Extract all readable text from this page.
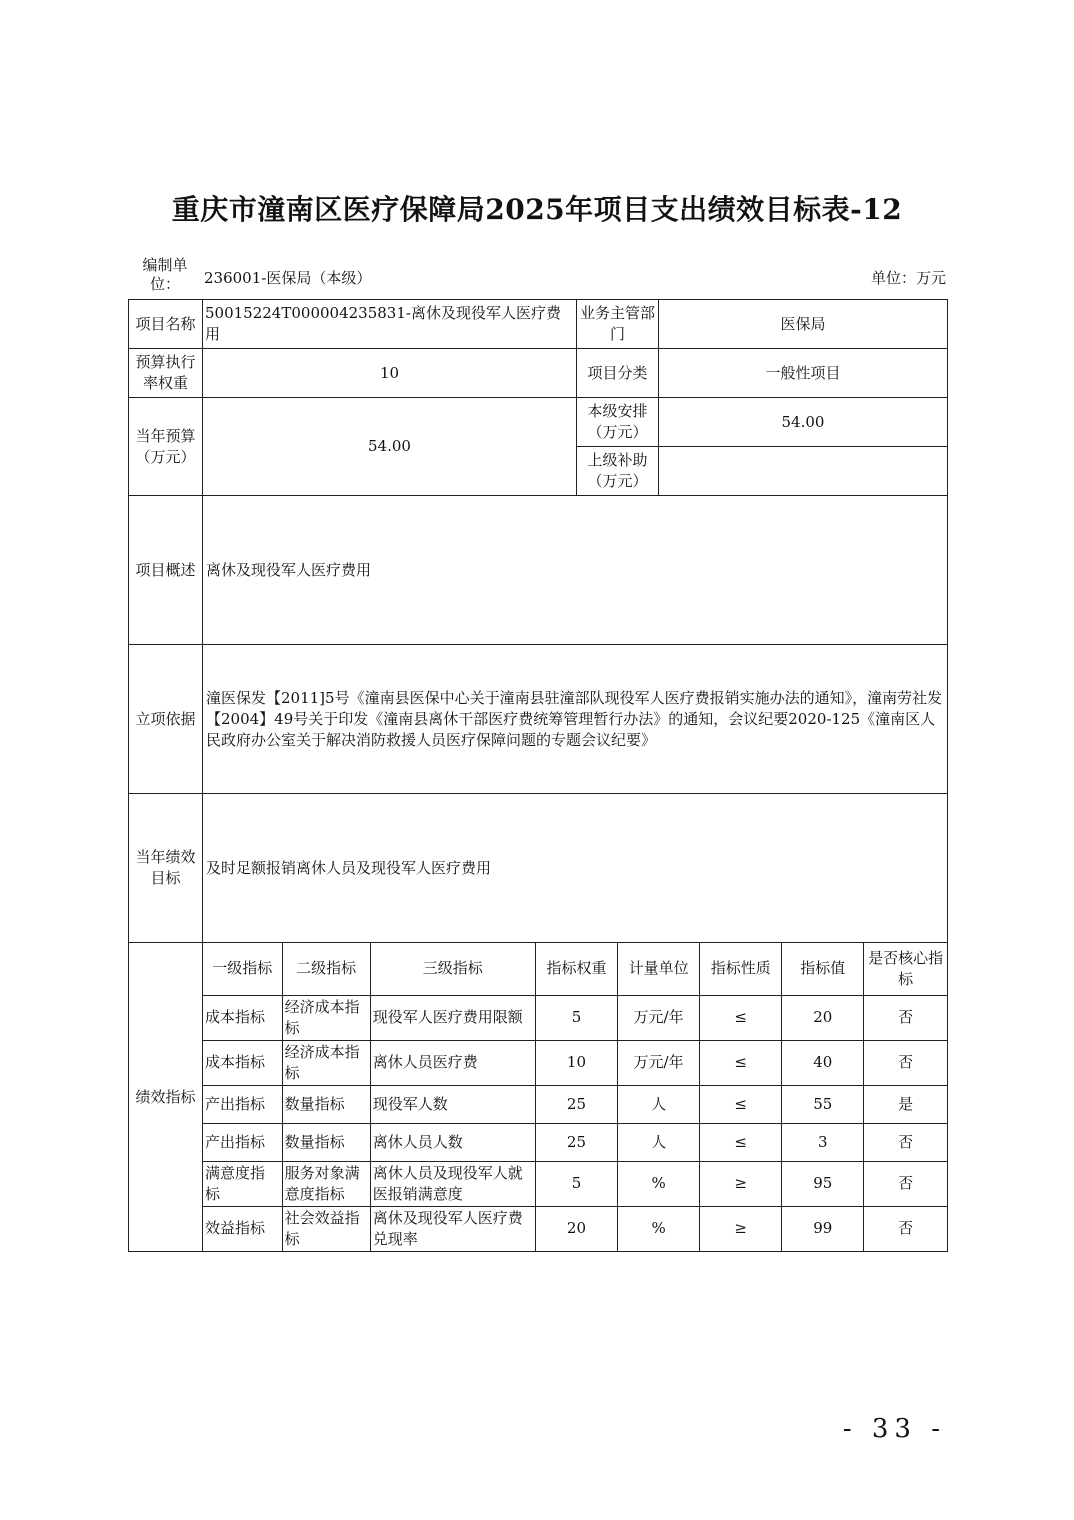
重庆市潼南区医疗保障局2025年项目支出绩效目标表-12
编制单位：	236001-医保局（本级）	单位：万元
项目名称	50015224T000004235831-离休及现役军人医疗费用	业务主管部门	医保局
预算执行率权重	10	项目分类	一般性项目
当年预算（万元）	54.00	本级安排（万元）	54.00
上级补助（万元）	
项目概述	离休及现役军人医疗费用
立项依据	潼医保发【2011]5号《潼南县医保中心关于潼南县驻潼部队现役军人医疗费报销实施办法的通知》，潼南劳社发【2004】49号关于印发《潼南县离休干部医疗费统筹管理暂行办法》的通知，会议纪要2020-125《潼南区人民政府办公室关于解决消防救援人员医疗保障问题的专题会议纪要》
当年绩效目标	及时足额报销离休人员及现役军人医疗费用
绩效指标	
一级指标	二级指标	三级指标	指标权重	计量单位	指标性质	指标值	是否核心指标
成本指标	经济成本指标	现役军人医疗费用限额	5	万元/年	≤	20	否
成本指标	经济成本指标	离休人员医疗费	10	万元/年	≤	40	否
产出指标	数量指标	现役军人数	25	人	≤	55	是
产出指标	数量指标	离休人员人数	25	人	≤	3	否
满意度指标	服务对象满意度指标	离休人员及现役军人就医报销满意度	5	%	≥	95	否
效益指标	社会效益指标	离休及现役军人医疗费兑现率	20	%	≥	99	否
- 33 -
